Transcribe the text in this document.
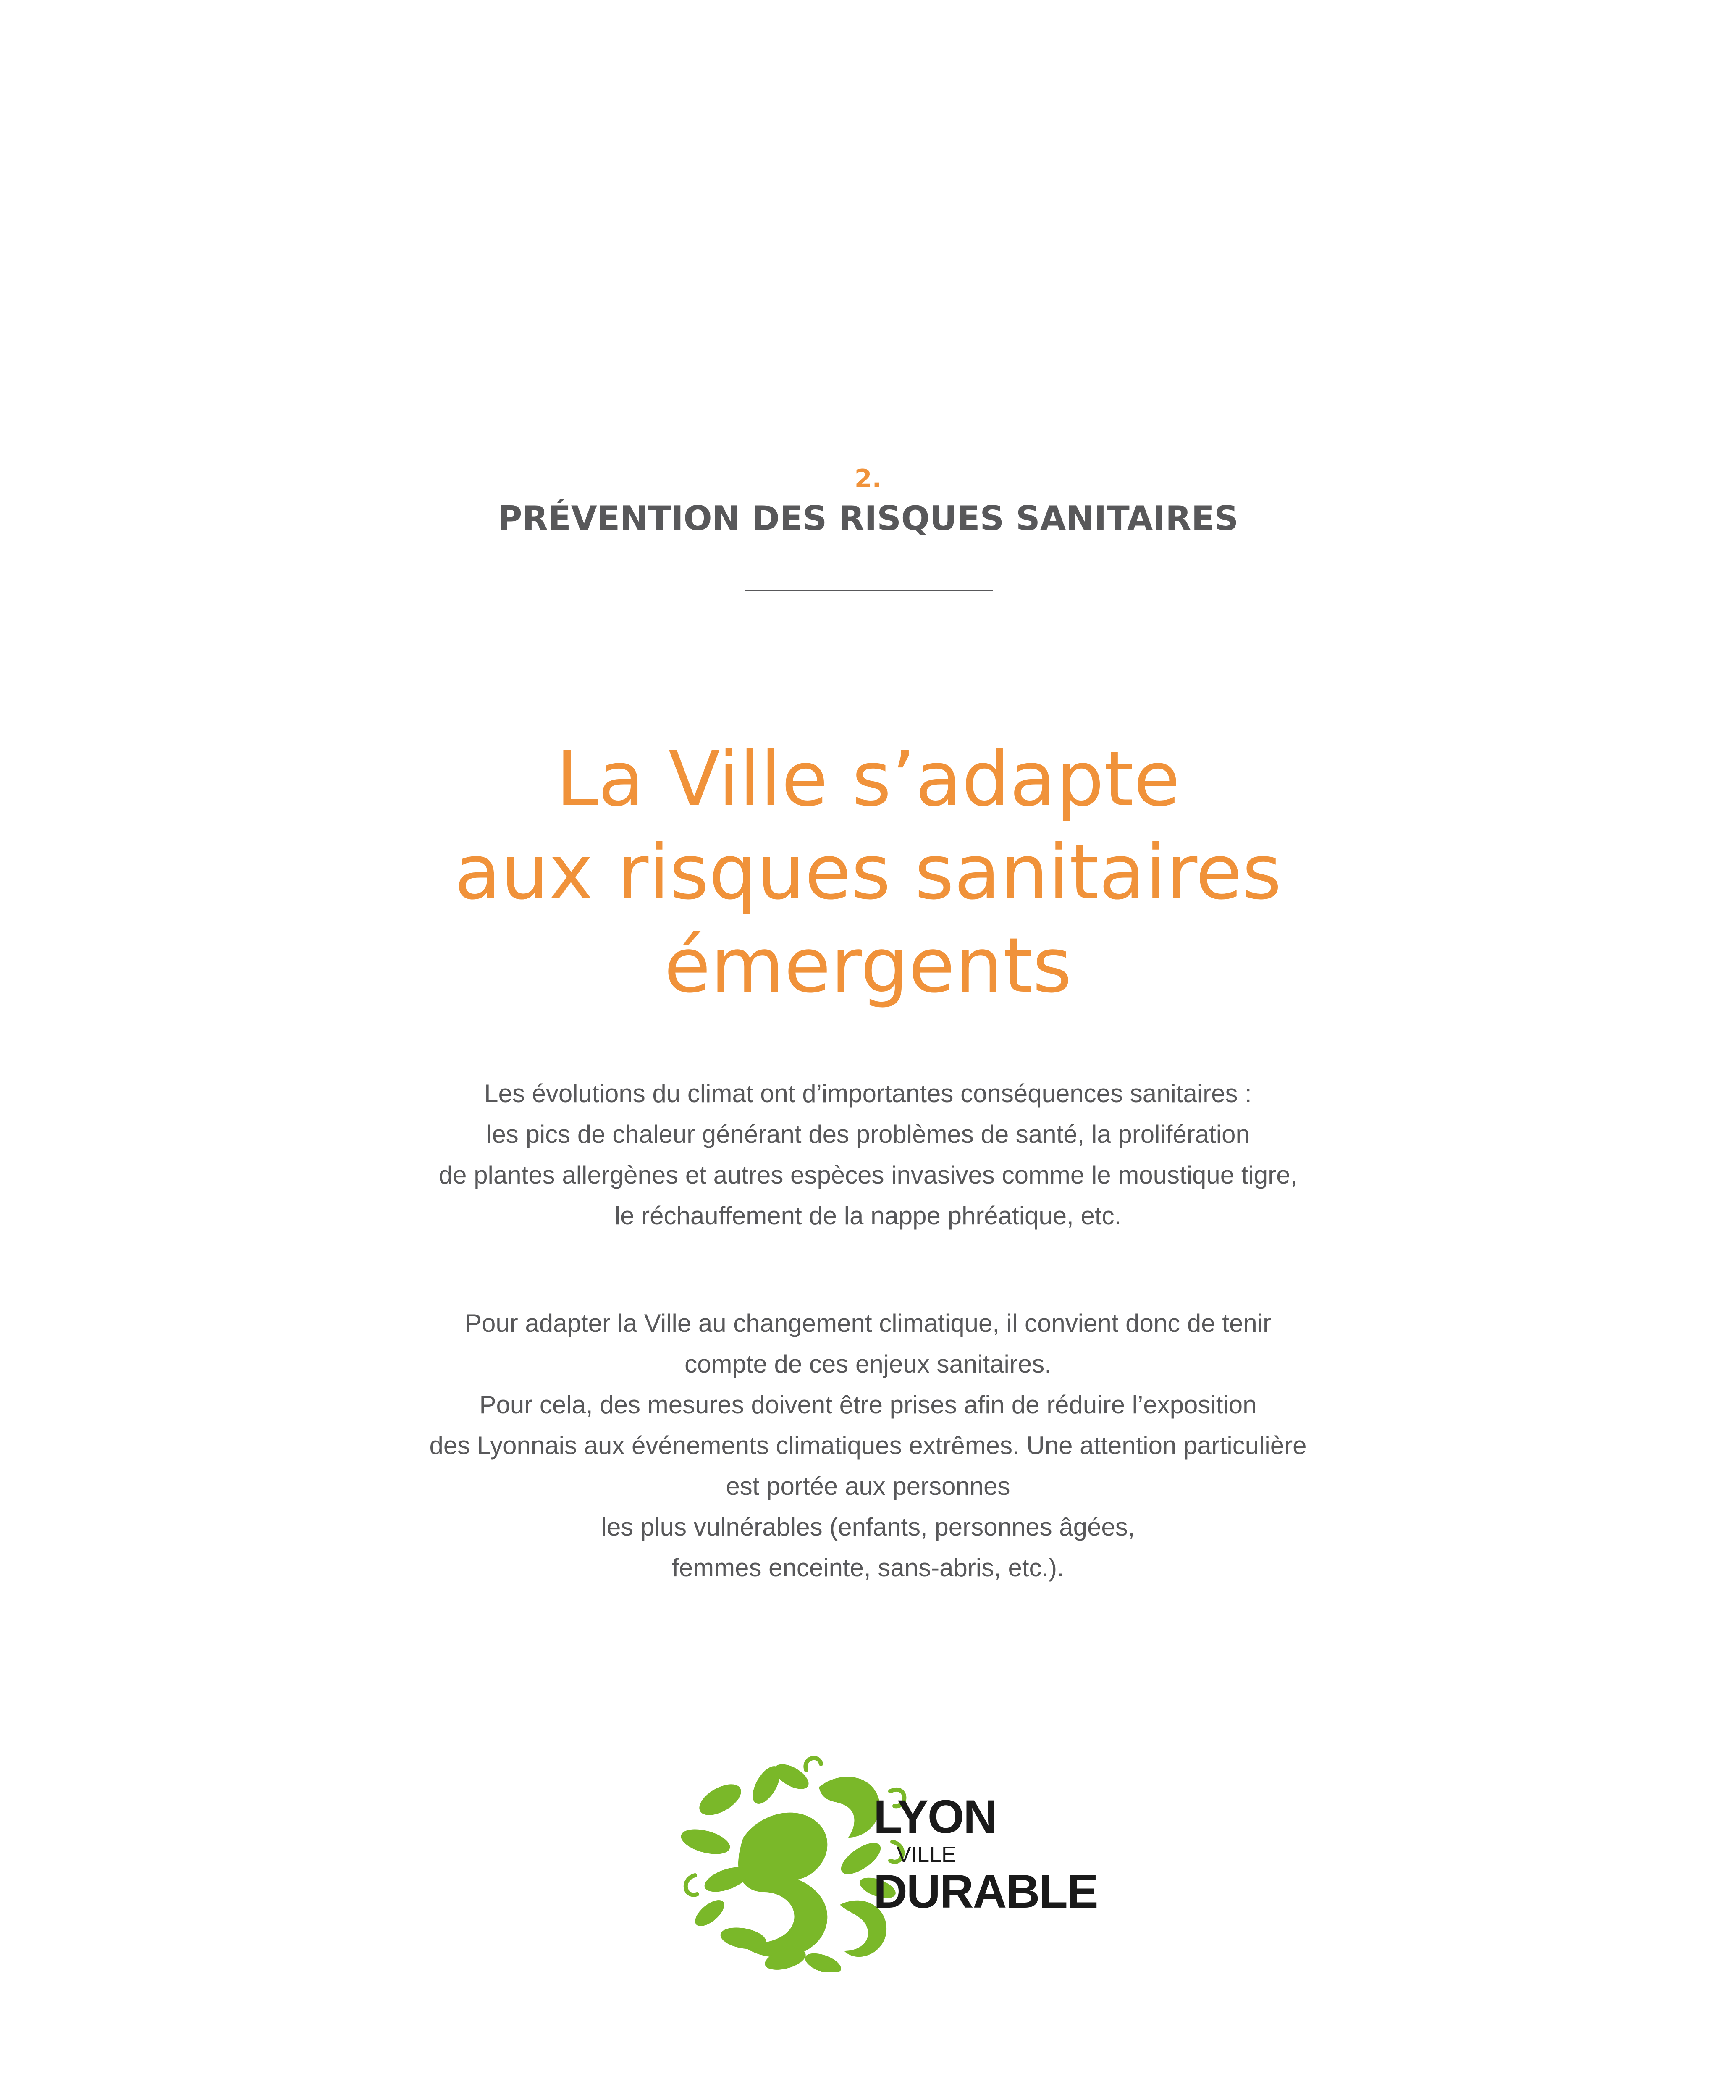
2.
PRÉVENTION DES RISQUES SANITAIRES
La Ville s’adapte
aux risques sanitaires
émergents
Les évolutions du climat ont d’importantes conséquences sanitaires :
les pics de chaleur générant des problèmes de santé, la prolifération
de plantes allergènes et autres espèces invasives comme le moustique tigre,
le réchauffement de la nappe phréatique, etc.
Pour adapter la Ville au changement climatique, il convient donc de tenir
compte de ces enjeux sanitaires.
Pour cela, des mesures doivent être prises afin de réduire l’exposition
des Lyonnais aux événements climatiques extrêmes. Une attention particulière
est portée aux personnes
les plus vulnérables (enfants, personnes âgées,
femmes enceinte, sans-abris, etc.).
LYON
VILLE
DURABLE
